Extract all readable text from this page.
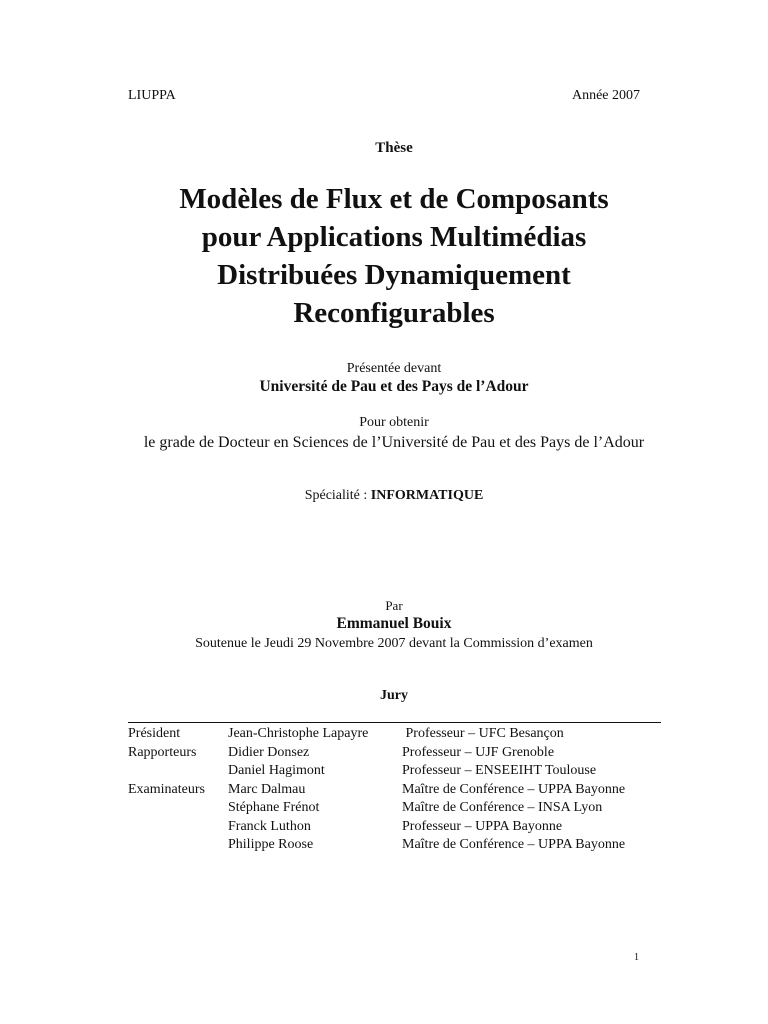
LIUPPA	Année 2007
Thèse
Modèles de Flux et de Composants
pour Applications Multimédias
Distribuées Dynamiquement
Reconfigurables
Présentée devant
Université de Pau et des Pays de l’Adour
Pour obtenir
le grade de Docteur en Sciences de l’Université de Pau et des Pays de l’Adour
Spécialité : INFORMATIQUE
Par
Emmanuel Bouix
Soutenue le Jeudi 29 Novembre 2007 devant la Commission d’examen
Jury
Président	Jean-Christophe Lapayre	Professeur – UFC Besançon
Rapporteurs	Didier Donsez	Professeur – UJF Grenoble
	Daniel Hagimont	Professeur – ENSEEIHT Toulouse
Examinateurs	Marc Dalmau	Maître de Conférence – UPPA Bayonne
	Stéphane Frénot	Maître de Conférence – INSA Lyon
	Franck Luthon	Professeur – UPPA Bayonne
	Philippe Roose	Maître de Conférence – UPPA Bayonne
1
